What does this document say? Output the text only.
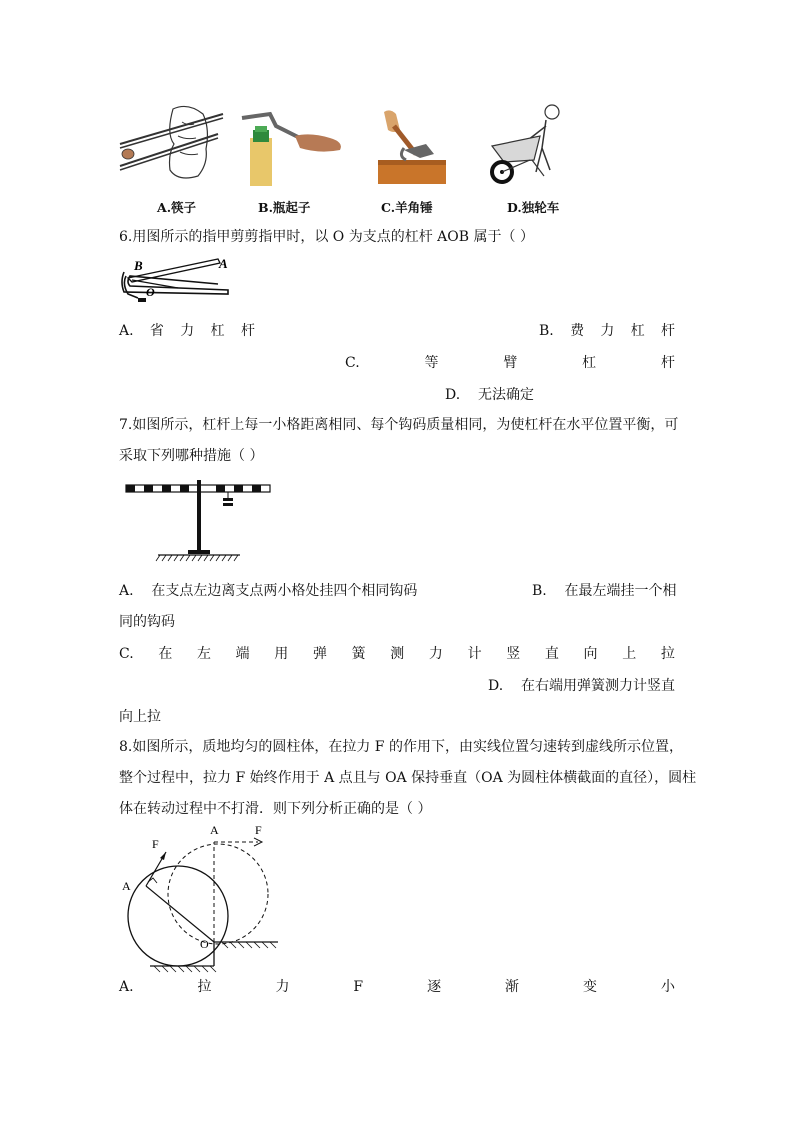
A.筷子	B.瓶起子	C.羊角锤	D.独轮车
6.用图所示的指甲剪剪指甲时，以 O 为支点的杠杆 AOB 属于（ ）
B	A
O
A. 省 力 杠 杆	B. 费 力 杠 杆
C.	等	臂	杠	杆
D.    无法确定
7.如图所示，杠杆上每一小格距离相同、每个钩码质量相同，为使杠杆在水平位置平衡，可
采取下列哪种措施（ ）
A.    在支点左边离支点两小格处挂四个相同钩码	B.    在最左端挂一个相
同的钩码
C. 在 左 端 用 弹 簧 测 力 计 竖 直 向 上 拉
D.    在右端用弹簧测力计竖直
向上拉
8.如图所示，质地均匀的圆柱体，在拉力 F 的作用下，由实线位置匀速转到虚线所示位置，
整个过程中，拉力 F 始终作用于 A 点且与 OA 保持垂直（OA 为圆柱体横截面的直径），圆柱
体在转动过程中不打滑．则下列分析正确的是（ ）
A	F
F
A
O
A.	拉	力	F	逐	渐	变	小
